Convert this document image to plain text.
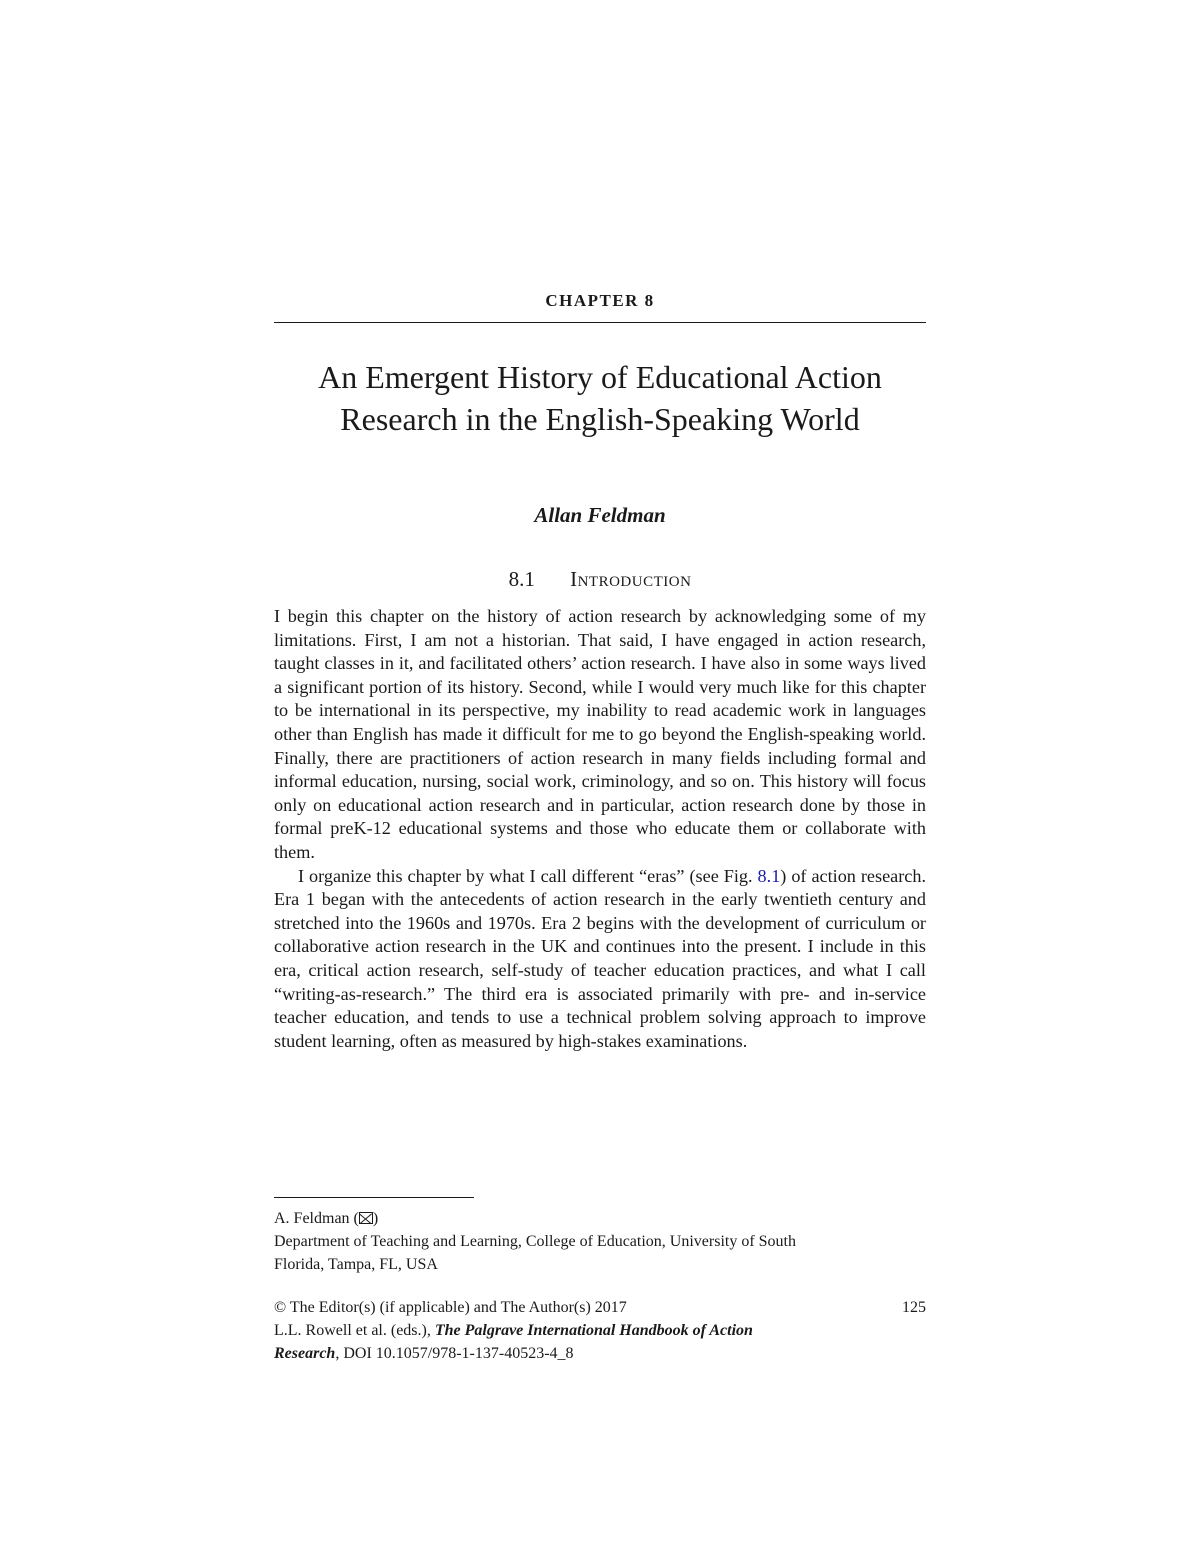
CHAPTER 8
An Emergent History of Educational Action
Research in the English-Speaking World
Allan Feldman
8.1 Introduction

I begin this chapter on the history of action research by acknowledging some of my limitations. First, I am not a historian. That said, I have engaged in action research, taught classes in it, and facilitated others’ action research. I have also in some ways lived a significant portion of its history. Second, while I would very much like for this chapter to be international in its perspective, my inability to read academic work in languages other than English has made it difficult for me to go beyond the English-speaking world. Finally, there are practitioners of action research in many fields including formal and informal education, nursing, social work, criminology, and so on. This history will focus only on educational action research and in particular, action research done by those in formal preK-12 educational systems and those who educate them or collaborate with them.

I organize this chapter by what I call different “eras” (see Fig. 8.1) of action research. Era 1 began with the antecedents of action research in the early twentieth century and stretched into the 1960s and 1970s. Era 2 begins with the development of curriculum or collaborative action research in the UK and continues into the present. I include in this era, critical action research, self-study of teacher education practices, and what I call “writing-as-research.” The third era is associated primarily with pre- and in-service teacher education, and tends to use a technical problem solving approach to improve student learning, often as measured by high-stakes examinations.

A. Feldman ( )
Department of Teaching and Learning, College of Education, University of South
Florida, Tampa, FL, USA
© The Editor(s) (if applicable) and The Author(s) 2017	125
L.L. Rowell et al. (eds.), The Palgrave International Handbook of Action
Research, DOI 10.1057/978-1-137-40523-4_8
